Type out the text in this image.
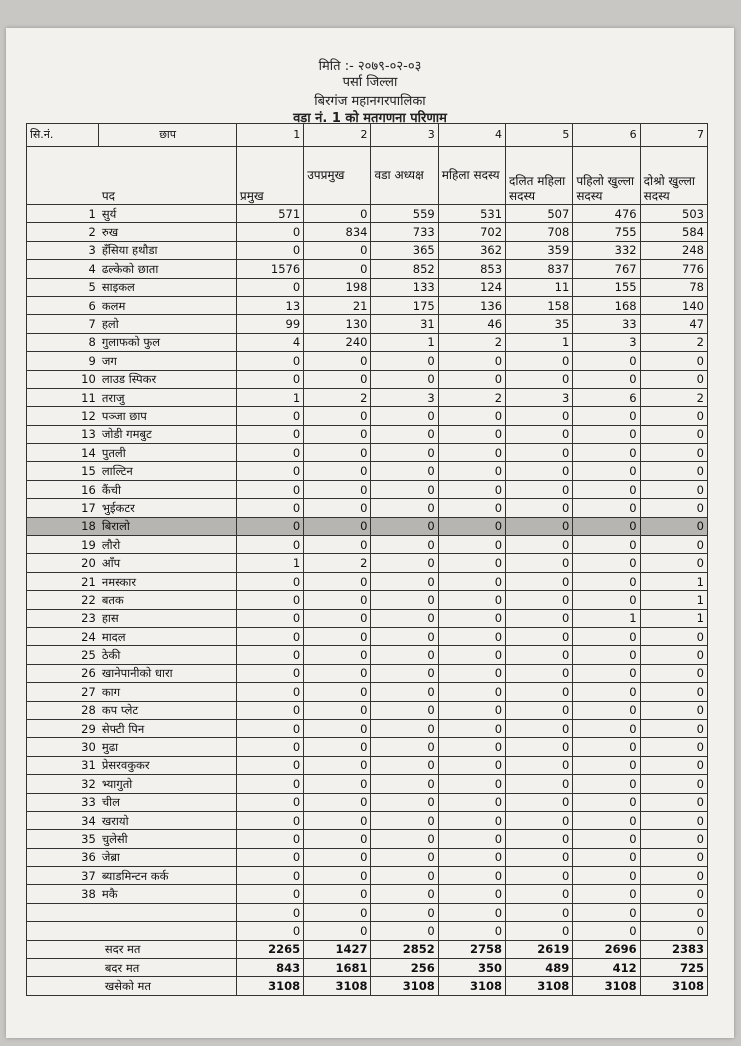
मिति :- २०७९-०२-०३
पर्सा जिल्ला
बिरगंज महानगरपालिका
वडा नं. 1 को मतगणना परिणाम
सि.नं.	छाप	1	2	3	4	5	6	7
	पद	प्रमुख	उपप्रमुख	वडा अध्यक्ष	महिला सदस्य	दलित महिला सदस्य	पहिलो खुल्ला सदस्य	दोश्रो खुल्ला सदस्य
1	सुर्य	571	0	559	531	507	476	503
2	रुख	0	834	733	702	708	755	584
3	हँसिया हथौडा	0	0	365	362	359	332	248
4	ढल्केको छाता	1576	0	852	853	837	767	776
5	साइकल	0	198	133	124	11	155	78
6	कलम	13	21	175	136	158	168	140
7	हलो	99	130	31	46	35	33	47
8	गुलाफको फुल	4	240	1	2	1	3	2
9	जग	0	0	0	0	0	0	0
10	लाउड स्पिकर	0	0	0	0	0	0	0
11	तराजु	1	2	3	2	3	6	2
12	पञ्जा छाप	0	0	0	0	0	0	0
13	जोडी गमबुट	0	0	0	0	0	0	0
14	पुतली	0	0	0	0	0	0	0
15	लाल्टिन	0	0	0	0	0	0	0
16	कैंची	0	0	0	0	0	0	0
17	भुईकटर	0	0	0	0	0	0	0
18	बिरालो	0	0	0	0	0	0	0
19	लौरो	0	0	0	0	0	0	0
20	आँप	1	2	0	0	0	0	0
21	नमस्कार	0	0	0	0	0	0	1
22	बतक	0	0	0	0	0	0	1
23	हास	0	0	0	0	0	1	1
24	मादल	0	0	0	0	0	0	0
25	ठेकी	0	0	0	0	0	0	0
26	खानेपानीको धारा	0	0	0	0	0	0	0
27	काग	0	0	0	0	0	0	0
28	कप प्लेट	0	0	0	0	0	0	0
29	सेफ्टी पिन	0	0	0	0	0	0	0
30	मुढा	0	0	0	0	0	0	0
31	प्रेसरवकुकर	0	0	0	0	0	0	0
32	भ्यागुतो	0	0	0	0	0	0	0
33	चील	0	0	0	0	0	0	0
34	खरायो	0	0	0	0	0	0	0
35	चुलेसी	0	0	0	0	0	0	0
36	जेब्रा	0	0	0	0	0	0	0
37	ब्याडमिन्टन कर्क	0	0	0	0	0	0	0
38	मकै	0	0	0	0	0	0	0
		0	0	0	0	0	0	0
		0	0	0	0	0	0	0
	सदर मत	2265	1427	2852	2758	2619	2696	2383
	बदर मत	843	1681	256	350	489	412	725
	खसेको मत	3108	3108	3108	3108	3108	3108	3108
